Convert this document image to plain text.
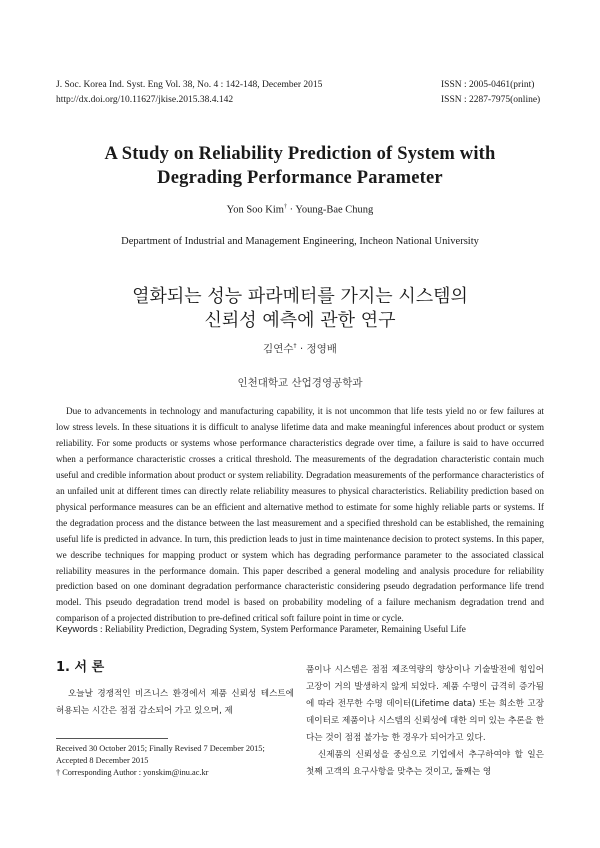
J. Soc. Korea Ind. Syst. Eng Vol. 38, No. 4 : 142-148, December 2015
http://dx.doi.org/10.11627/jkise.2015.38.4.142
ISSN : 2005-0461(print)
ISSN : 2287-7975(online)
A Study on Reliability Prediction of System with
Degrading Performance Parameter
Yon Soo Kim† · Young-Bae Chung
Department of Industrial and Management Engineering, Incheon National University
열화되는 성능 파라메터를 가지는 시스템의
신뢰성 예측에 관한 연구
김연수† · 정영배
인천대학교 산업경영공학과

Due to advancements in technology and manufacturing capability, it is not uncommon that life tests yield no or few failures at low stress levels. In these situations it is difficult to analyse lifetime data and make meaningful inferences about product or system reliability. For some products or systems whose performance characteristics degrade over time, a failure is said to have occurred when a performance characteristic crosses a critical threshold. The measurements of the degradation characteristic contain much useful and credible information about product or system reliability. Degradation measurements of the performance characteristics of an unfailed unit at different times can directly relate reliability measures to physical characteristics. Reliability prediction based on physical performance measures can be an efficient and alternative method to estimate for some highly reliable parts or systems. If the degradation process and the distance between the last measurement and a specified threshold can be established, the remaining useful life is predicted in advance. In turn, this prediction leads to just in time maintenance decision to protect systems. In this paper, we describe techniques for mapping product or system which has degrading performance parameter to the associated classical reliability measures in the performance domain. This paper described a general modeling and analysis procedure for reliability prediction based on one dominant degradation performance characteristic considering pseudo degradation performance life trend model. This pseudo degradation trend model is based on probability modeling of a failure mechanism degradation trend and comparison of a projected distribution to pre-defined critical soft failure point in time or cycle.

Keywords : Reliability Prediction, Degrading System, System Performance Parameter, Remaining Useful Life
1. 서 론

오늘날 경쟁적인 비즈니스 환경에서 제품 신뢰성 테스트에 허용되는 시간은 점점 감소되어 가고 있으며, 제

Received 30 October 2015; Finally Revised 7 December 2015;
Accepted 8 December 2015
† Corresponding Author : yonskim@inu.ac.kr

품이나 시스템은 점점 제조역량의 향상이나 기술발전에 힘입어 고장이 거의 발생하지 않게 되었다. 제품 수명이 급격히 증가됨에 따라 전무한 수명 데이터(Lifetime data) 또는 희소한 고장 데이터로 제품이나 시스템의 신뢰성에 대한 의미 있는 추론을 한다는 것이 점점 불가능 한 경우가 되어가고 있다.

신제품의 신뢰성을 중심으로 기업에서 추구하여야 할 일은 첫째 고객의 요구사항을 맞추는 것이고, 둘째는 영
